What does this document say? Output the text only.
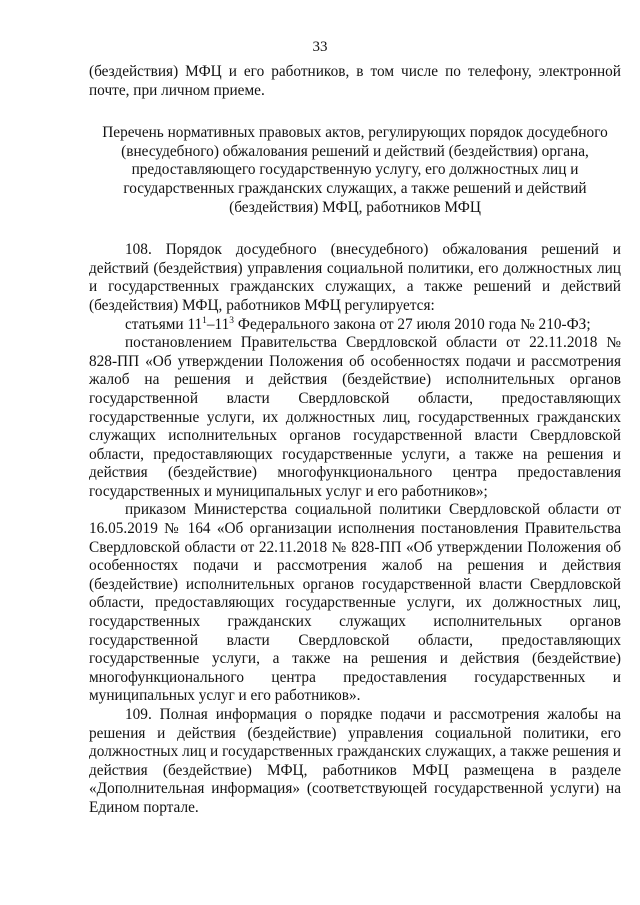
33

(бездействия) МФЦ и его работников, в том числе по телефону, электронной почте, при личном приеме.

Перечень нормативных правовых актов, регулирующих порядок досудебного (внесудебного) обжалования решений и действий (бездействия) органа, предоставляющего государственную услугу, его должностных лиц и государственных гражданских служащих, а также решений и действий (бездействия) МФЦ, работников МФЦ

108. Порядок досудебного (внесудебного) обжалования решений и действий (бездействия) управления социальной политики, его должностных лиц и государственных гражданских служащих, а также решений и действий (бездействия) МФЦ, работников МФЦ регулируется:

статьями $11^1-11^3$ Федерального закона от 27 июля 2010 года № 210-ФЗ;

постановлением Правительства Свердловской области от 22.11.2018 № 828-ПП «Об утверждении Положения об особенностях подачи и рассмотрения жалоб на решения и действия (бездействие) исполнительных органов государственной власти Свердловской области, предоставляющих государственные услуги, их должностных лиц, государственных гражданских служащих исполнительных органов государственной власти Свердловской области, предоставляющих государственные услуги, а также на решения и действия (бездействие) многофункционального центра предоставления государственных и муниципальных услуг и его работников»;

приказом Министерства социальной политики Свердловской области от 16.05.2019 № 164 «Об организации исполнения постановления Правительства Свердловской области от 22.11.2018 № 828-ПП «Об утверждении Положения об особенностях подачи и рассмотрения жалоб на решения и действия (бездействие) исполнительных органов государственной власти Свердловской области, предоставляющих государственные услуги, их должностных лиц, государственных гражданских служащих исполнительных органов государственной власти Свердловской области, предоставляющих государственные услуги, а также на решения и действия (бездействие) многофункционального центра предоставления государственных и муниципальных услуг и его работников».

109. Полная информация о порядке подачи и рассмотрения жалобы на решения и действия (бездействие) управления социальной политики, его должностных лиц и государственных гражданских служащих, а также решения и действия (бездействие) МФЦ, работников МФЦ размещена в разделе «Дополнительная информация» (соответствующей государственной услуги) на Едином портале.
